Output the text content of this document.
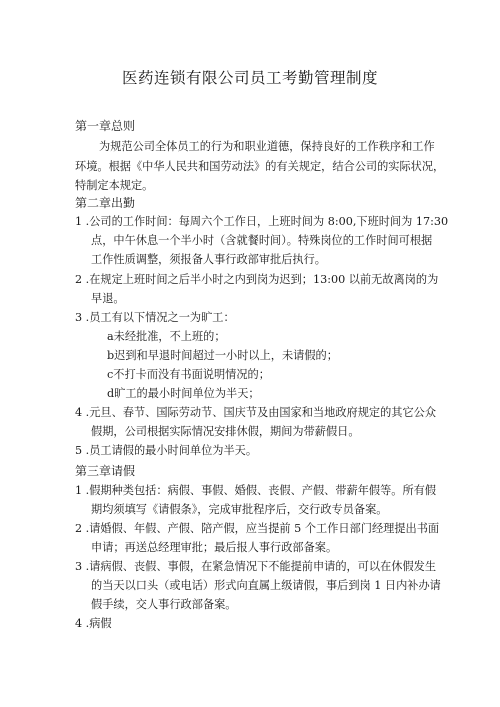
医药连锁有限公司员工考勤管理制度
第一章总则
为规范公司全体员工的行为和职业道德，保持良好的工作秩序和工作
环境。根据《中华人民共和国劳动法》的有关规定，结合公司的实际状况，
特制定本规定。
第二章出勤
1 .公司的工作时间：每周六个工作日，上班时间为 8:00,下班时间为 17:30
点，中午休息一个半小时（含就餐时间）。特殊岗位的工作时间可根据
工作性质调整，须报备人事行政部审批后执行。
2 .在规定上班时间之后半小时之内到岗为迟到；13:00 以前无故离岗的为
早退。
3 .员工有以下情况之一为旷工：
a未经批准，不上班的；
b迟到和早退时间超过一小时以上，未请假的；
c不打卡而没有书面说明情况的；
d旷工的最小时间单位为半天；
4 .元旦、春节、国际劳动节、国庆节及由国家和当地政府规定的其它公众
假期，公司根据实际情况安排休假，期间为带薪假日。
5 .员工请假的最小时间单位为半天。
第三章请假
1 .假期种类包括：病假、事假、婚假、丧假、产假、带薪年假等。所有假
期均须填写《请假条》，完成审批程序后，交行政专员备案。
2 .请婚假、年假、产假、陪产假，应当提前 5 个工作日部门经理提出书面
申请；再送总经理审批；最后报人事行政部备案。
3 .请病假、丧假、事假，在紧急情况下不能提前申请的，可以在休假发生
的当天以口头（或电话）形式向直属上级请假，事后到岗 1 日内补办请
假手续，交人事行政部备案。
4 .病假
